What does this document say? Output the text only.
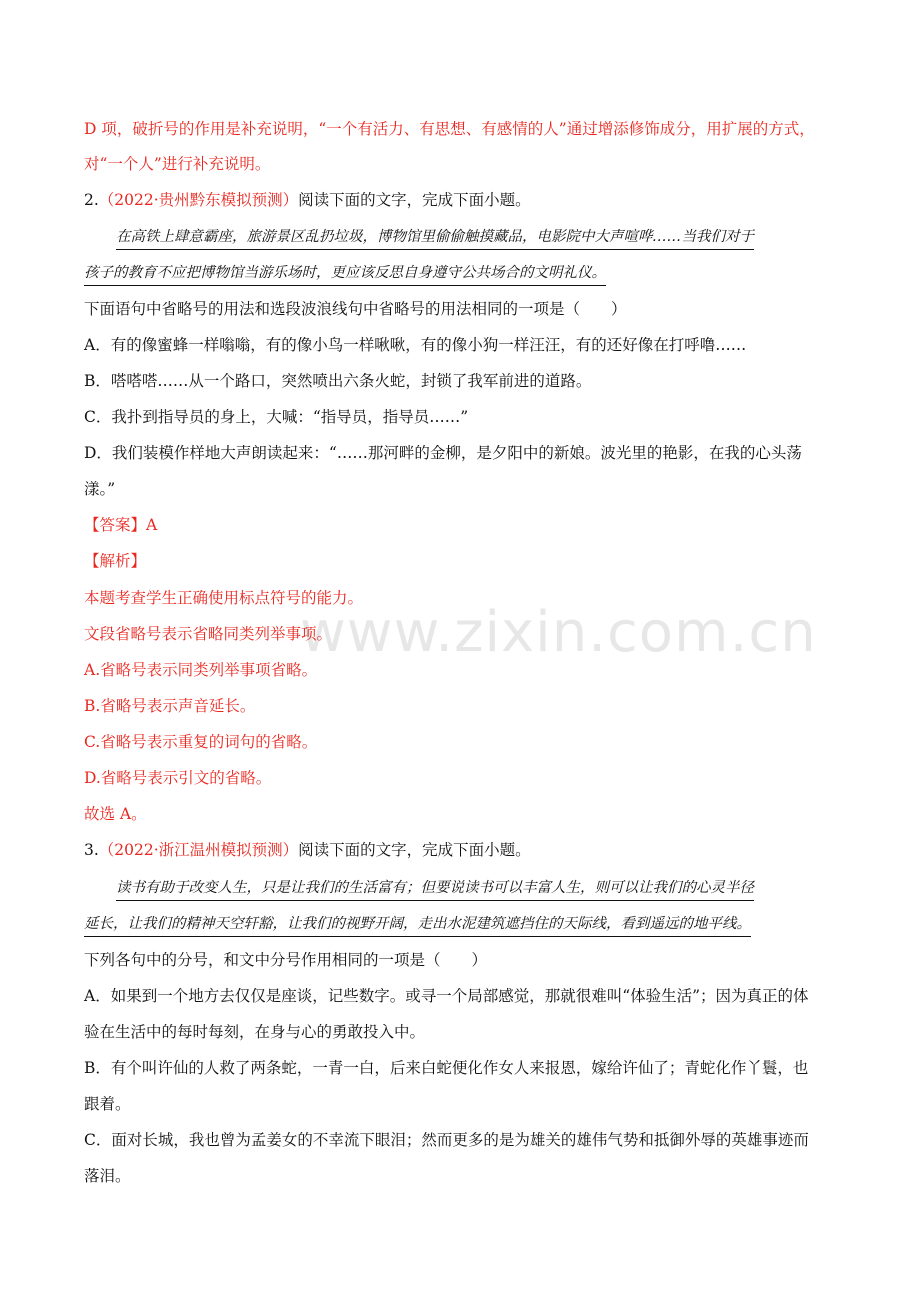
D 项，破折号的作用是补充说明，“一个有活力、有思想、有感情的人”通过增添修饰成分，用扩展的方式，
对“一个人”进行补充说明。
2.（2022·贵州黔东模拟预测）阅读下面的文字，完成下面小题。
在高铁上肆意霸座，旅游景区乱扔垃圾，博物馆里偷偷触摸藏品，电影院中大声喧哗……当我们对于
孩子的教育不应把博物馆当游乐场时，更应该反思自身遵守公共场合的文明礼仪。
下面语句中省略号的用法和选段波浪线句中省略号的用法相同的一项是（　　）
A．有的像蜜蜂一样嗡嗡，有的像小鸟一样啾啾，有的像小狗一样汪汪，有的还好像在打呼噜……
B．嗒嗒嗒……从一个路口，突然喷出六条火蛇，封锁了我军前进的道路。
C．我扑到指导员的身上，大喊：“指导员，指导员……”
D．我们装模作样地大声朗读起来：“……那河畔的金柳，是夕阳中的新娘。波光里的艳影，在我的心头荡
漾。”
【答案】A
【解析】
本题考查学生正确使用标点符号的能力。
文段省略号表示省略同类列举事项。
A.省略号表示同类列举事项省略。
B.省略号表示声音延长。
C.省略号表示重复的词句的省略。
D.省略号表示引文的省略。
故选 A。
3.（2022·浙江温州模拟预测）阅读下面的文字，完成下面小题。
读书有助于改变人生，只是让我们的生活富有；但要说读书可以丰富人生，则可以让我们的心灵半径
延长，让我们的精神天空轩豁，让我们的视野开阔，走出水泥建筑遮挡住的天际线，看到遥远的地平线。
下列各句中的分号，和文中分号作用相同的一项是（　　）
A．如果到一个地方去仅仅是座谈，记些数字。或寻一个局部感觉，那就很难叫“体验生活”；因为真正的体
验在生活中的每时每刻，在身与心的勇敢投入中。
B．有个叫许仙的人救了两条蛇，一青一白，后来白蛇便化作女人来报恩，嫁给许仙了；青蛇化作丫鬟，也
跟着。
C．面对长城，我也曾为孟姜女的不幸流下眼泪；然而更多的是为雄关的雄伟气势和抵御外辱的英雄事迹而
落泪。
www.zixin.com.cn
